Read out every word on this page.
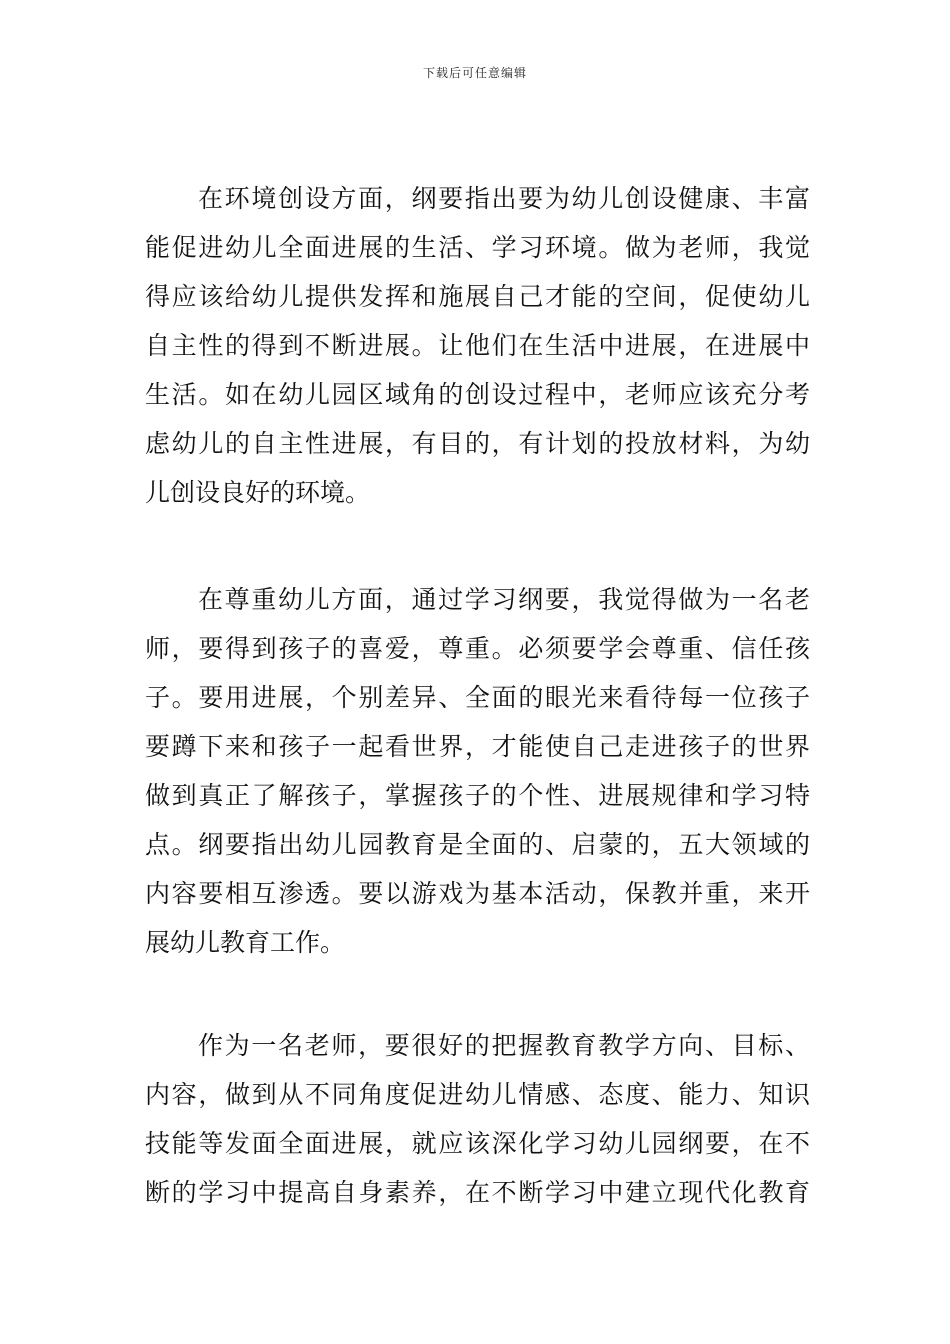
下载后可任意编辑
在环境创设方面，纲要指出要为幼儿创设健康、丰富
能促进幼儿全面进展的生活、学习环境。做为老师，我觉
得应该给幼儿提供发挥和施展自己才能的空间，促使幼儿
自主性的得到不断进展。让他们在生活中进展，在进展中
生活。如在幼儿园区域角的创设过程中，老师应该充分考
虑幼儿的自主性进展，有目的，有计划的投放材料，为幼
儿创设良好的环境。
在尊重幼儿方面，通过学习纲要，我觉得做为一名老
师，要得到孩子的喜爱，尊重。必须要学会尊重、信任孩
子。要用进展，个别差异、全面的眼光来看待每一位孩子
要蹲下来和孩子一起看世界，才能使自己走进孩子的世界
做到真正了解孩子，掌握孩子的个性、进展规律和学习特
点。纲要指出幼儿园教育是全面的、启蒙的，五大领域的
内容要相互渗透。要以游戏为基本活动，保教并重，来开
展幼儿教育工作。
作为一名老师，要很好的把握教育教学方向、目标、
内容，做到从不同角度促进幼儿情感、态度、能力、知识
技能等发面全面进展，就应该深化学习幼儿园纲要，在不
断的学习中提高自身素养，在不断学习中建立现代化教育
